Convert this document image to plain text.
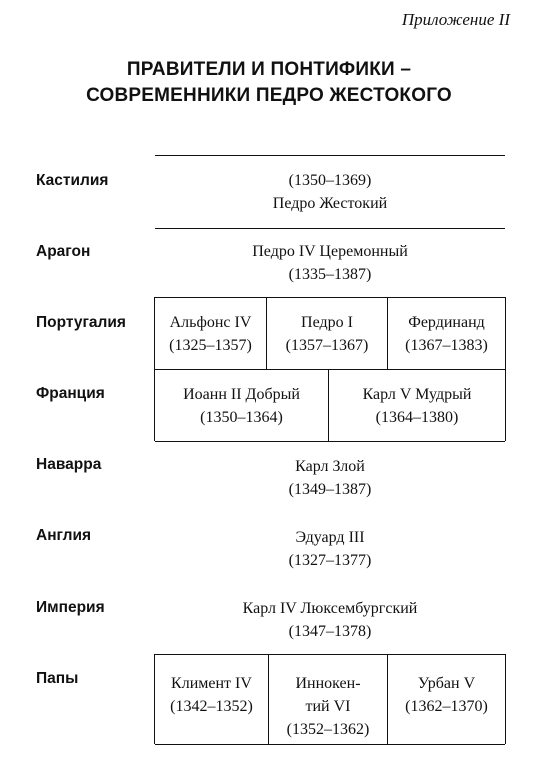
Приложение II
ПРАВИТЕЛИ И ПОНТИФИКИ –
СОВРЕМЕННИКИ ПЕДРО ЖЕСТОКОГО
Кастилия
Арагон
Португалия
Франция
Наварра
Англия
Империя
Папы
(1350–1369)
Педро Жестокий
Педро IV Церемонный
(1335–1387)
Альфонс IV
(1325–1357)
Педро I
(1357–1367)
Фердинанд
(1367–1383)
Иоанн II Добрый
(1350–1364)
Карл V Мудрый
(1364–1380)
Карл Злой
(1349–1387)
Эдуард III
(1327–1377)
Карл IV Люксембургский
(1347–1378)
Климент IV
(1342–1352)
Иннокен-
тий VI
(1352–1362)
Урбан V
(1362–1370)
